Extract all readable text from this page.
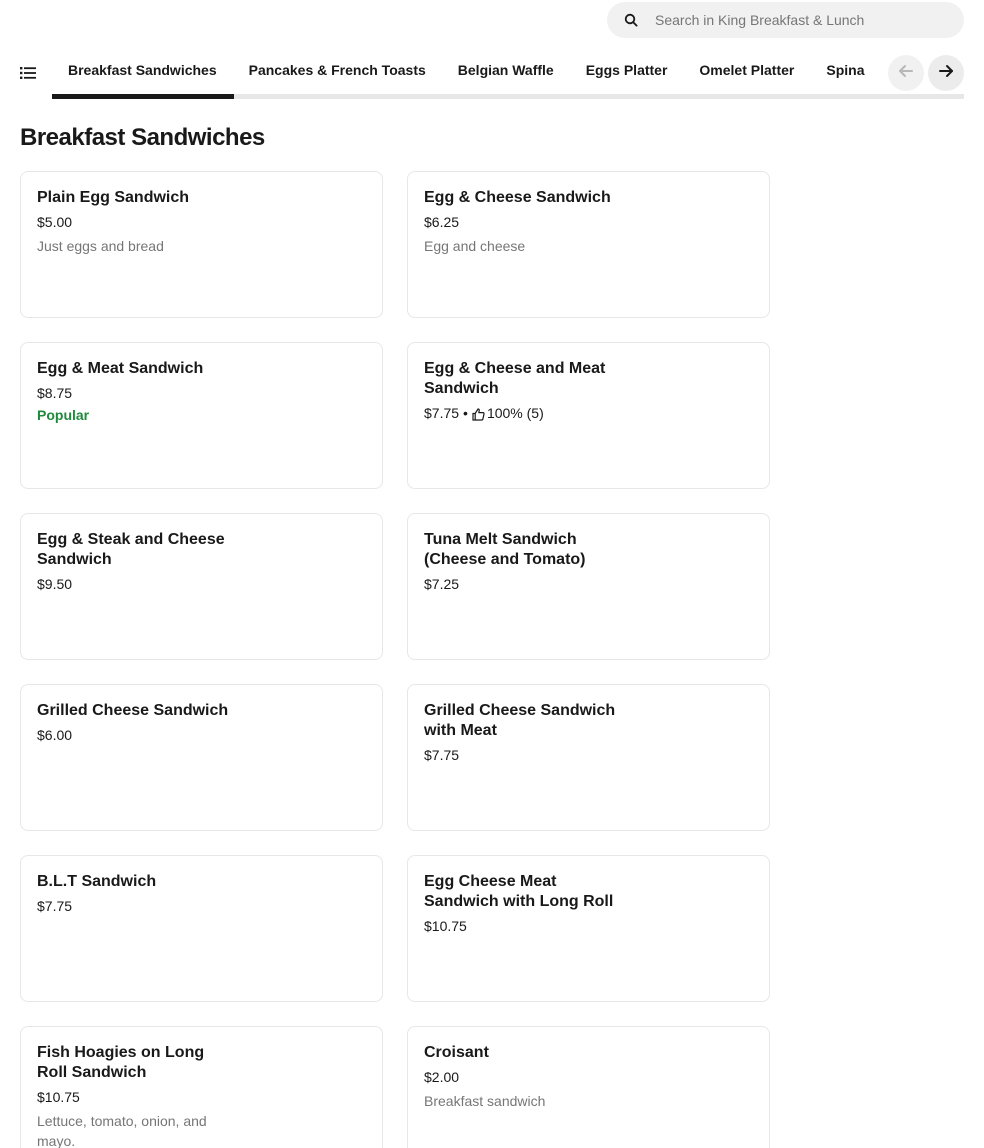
Search in King Breakfast & Lunch
Breakfast Sandwiches	Pancakes & French Toasts	Belgian Waffle	Eggs Platter	Omelet Platter	Spina
Breakfast Sandwiches
Plain Egg Sandwich
$5.00
Just eggs and bread
Egg & Cheese Sandwich
$6.25
Egg and cheese
Egg & Meat Sandwich
$8.75
Popular
Egg & Cheese and Meat Sandwich
$7.75 • 100% (5)
Egg & Steak and Cheese Sandwich
$9.50
Tuna Melt Sandwich (Cheese and Tomato)
$7.25
Grilled Cheese Sandwich
$6.00
Grilled Cheese Sandwich with Meat
$7.75
B.L.T Sandwich
$7.75
Egg Cheese Meat Sandwich with Long Roll
$10.75
Fish Hoagies on Long Roll Sandwich
$10.75
Lettuce, tomato, onion, and mayo.
Croisant
$2.00
Breakfast sandwich
